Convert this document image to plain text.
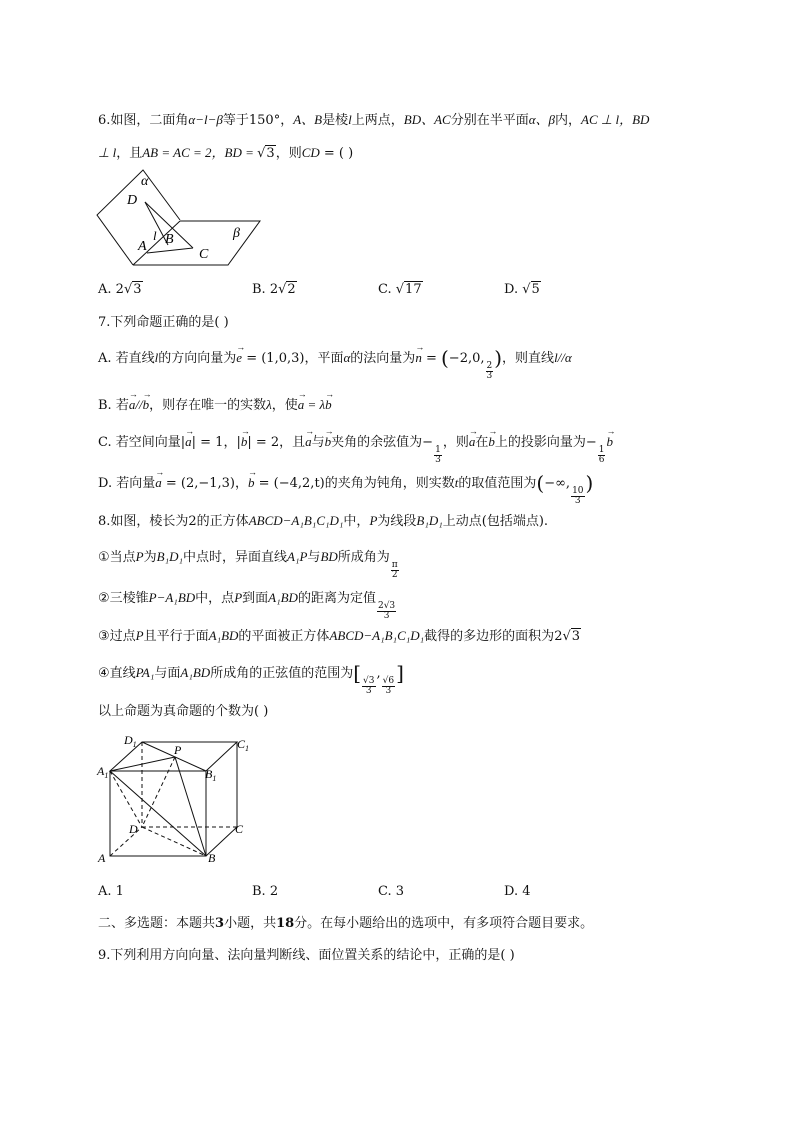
6.如图，二面角α−l−β等于150°，A、B是棱l上两点，BD、AC分别在半平面α、β内，AC ⊥ l，BD
⊥ l，且AB = AC = 2，BD = √3，则CD = ( )
α
D
l
A B
C
β
A. 2√3	B. 2√2	C. √17	D. √5
7.下列命题正确的是( )
A. 若直线l的方向向量为→ e = (1,0,3)，平面α的法向量为→ n = (−2,0,
$\frac{2}{3}$
)，则直线l//α
B. 若→ a//→ b，则存在唯一的实数λ，使→ a = λ→ b
C. 若空间向量|→ a| = 1，|→ b| = 2，且→ a与→ b夹角的余弦值为−
$\frac{1}{3}$
，则→ a在→ b上的投影向量为−
$\frac{1}{6}$
→ b
D. 若向量→ a = (2,−1,3)，→ b = (−4,2,t)的夹角为钝角，则实数t的取值范围为(−∞,
$\frac{10}{3}$
)
8.如图，棱长为2的正方体ABCD−A₁B₁C₁D₁中，P为线段B₁D₁上动点(包括端点).
①当点P为B₁D₁中点时，异面直线A₁P与BD所成角为
$\frac{\pi}{2}$
②三棱锥P−A₁BD中，点P到面A₁BD的距离为定值
$\frac{2√3}{3}$
③过点P且平行于面A₁BD的平面被正方体ABCD−A₁B₁C₁D₁截得的多边形的面积为2√3
④直线PA₁与面A₁BD所成角的正弦值的范围为[
$\frac{√3}{3}$
,
$\frac{√6}{3}$
]
以上命题为真命题的个数为( )
$D_1$	$C_1$
$A_1$	$B_1$
P
D	C
A	B
A. 1	B. 2	C. 3	D. 4
二、多选题：本题共3小题，共18分。在每小题给出的选项中，有多项符合题目要求。
9.下列利用方向向量、法向量判断线、面位置关系的结论中，正确的是( )
